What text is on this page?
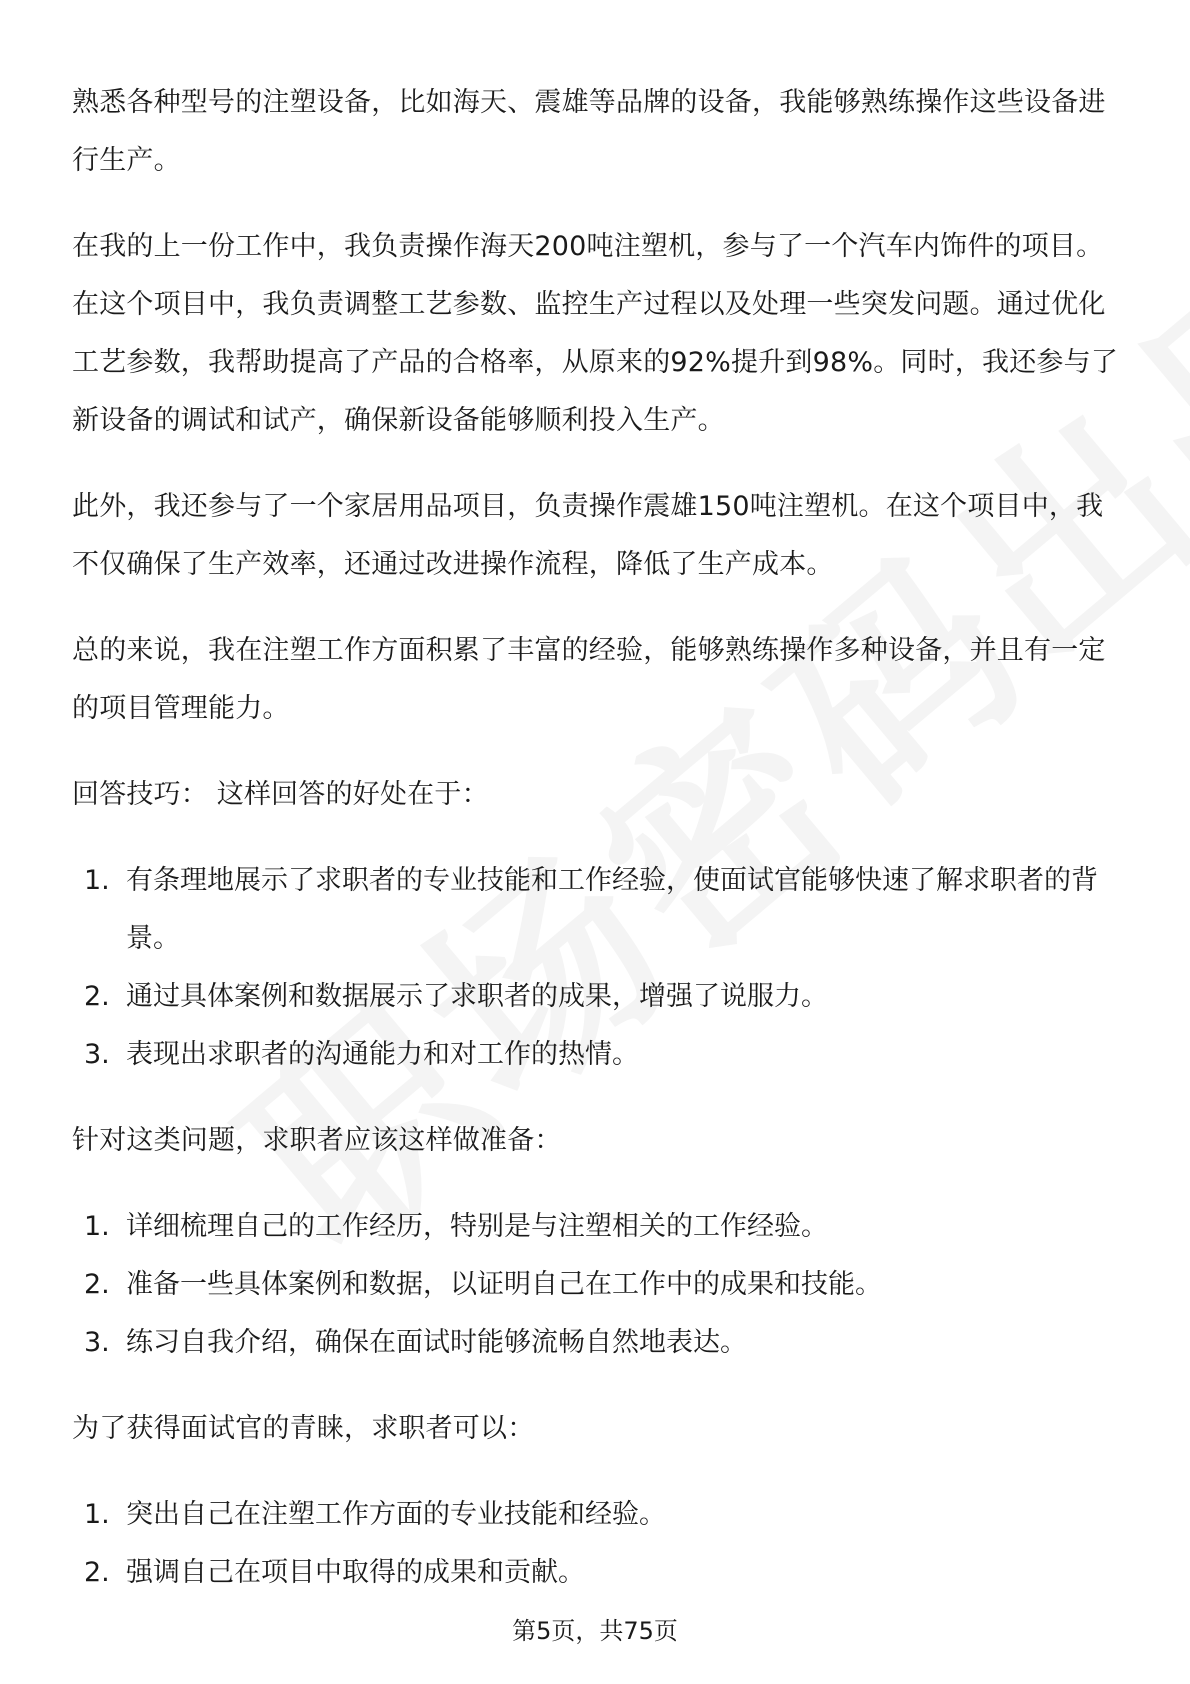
熟悉各种型号的注塑设备，比如海天、震雄等品牌的设备，我能够熟练操作这些设备进行生产。

在我的上一份工作中，我负责操作海天200吨注塑机，参与了一个汽车内饰件的项目。在这个项目中，我负责调整工艺参数、监控生产过程以及处理一些突发问题。通过优化工艺参数，我帮助提高了产品的合格率，从原来的92%提升到98%。同时，我还参与了新设备的调试和试产，确保新设备能够顺利投入生产。

此外，我还参与了一个家居用品项目，负责操作震雄150吨注塑机。在这个项目中，我不仅确保了生产效率，还通过改进操作流程，降低了生产成本。

总的来说，我在注塑工作方面积累了丰富的经验，能够熟练操作多种设备，并且有一定的项目管理能力。

回答技巧： 这样回答的好处在于：

1. 有条理地展示了求职者的专业技能和工作经验，使面试官能够快速了解求职者的背景。
2. 通过具体案例和数据展示了求职者的成果，增强了说服力。
3. 表现出求职者的沟通能力和对工作的热情。

针对这类问题，求职者应该这样做准备：

1. 详细梳理自己的工作经历，特别是与注塑相关的工作经验。
2. 准备一些具体案例和数据，以证明自己在工作中的成果和技能。
3. 练习自我介绍，确保在面试时能够流畅自然地表达。

为了获得面试官的青睐，求职者可以：

1. 突出自己在注塑工作方面的专业技能和经验。
2. 强调自己在项目中取得的成果和贡献。
第5页，共75页
